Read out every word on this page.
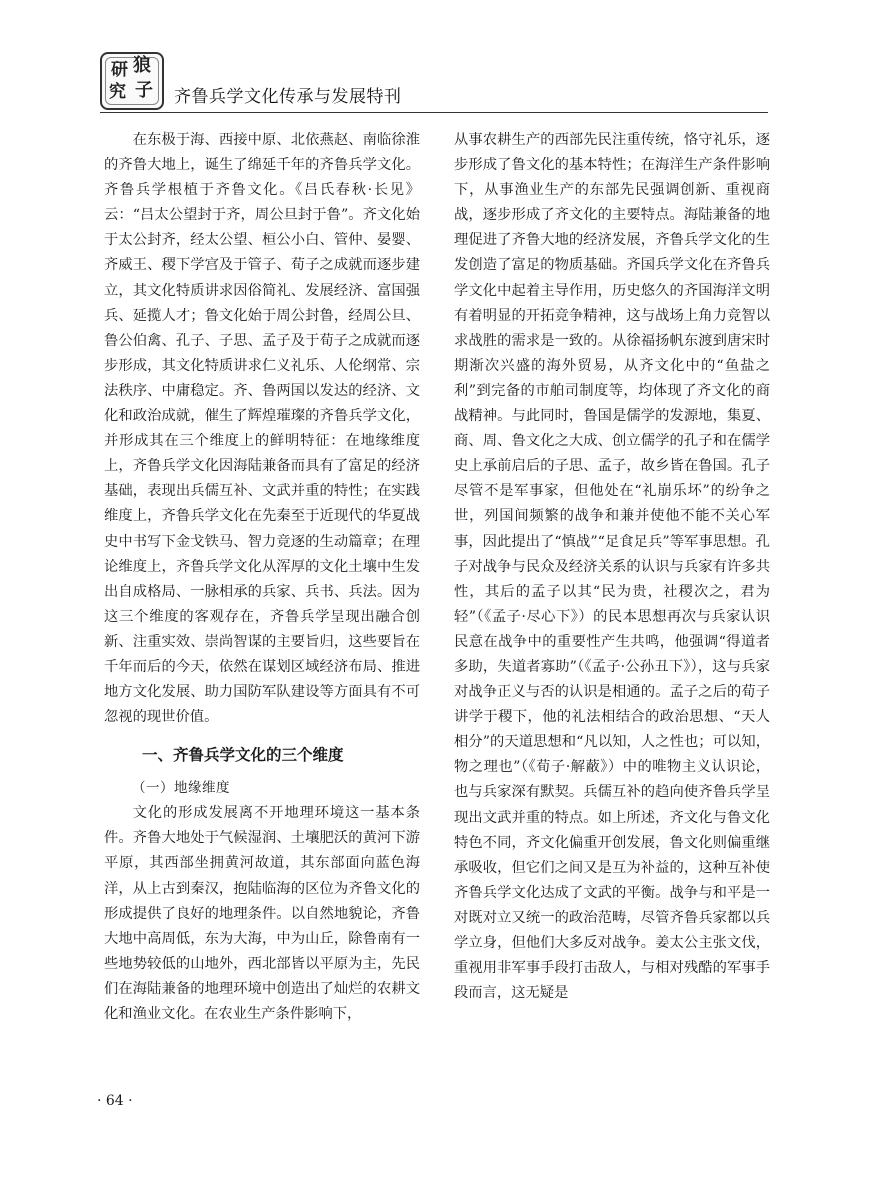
研 狼
究 子 齐鲁兵学文化传承与发展特刊

在东极于海、西接中原、北依燕赵、南临徐淮的齐鲁大地上，诞生了绵延千年的齐鲁兵学文化。齐鲁兵学根植于齐鲁文化。《吕氏春秋·长见》云：“吕太公望封于齐，周公旦封于鲁”。齐文化始于太公封齐，经太公望、桓公小白、管仲、晏婴、齐威王、稷下学宫及于管子、荀子之成就而逐步建立，其文化特质讲求因俗简礼、发展经济、富国强兵、延揽人才；鲁文化始于周公封鲁，经周公旦、鲁公伯禽、孔子、子思、孟子及于荀子之成就而逐步形成，其文化特质讲求仁义礼乐、人伦纲常、宗法秩序、中庸稳定。齐、鲁两国以发达的经济、文化和政治成就，催生了辉煌璀璨的齐鲁兵学文化，并形成其在三个维度上的鲜明特征：在地缘维度上，齐鲁兵学文化因海陆兼备而具有了富足的经济基础，表现出兵儒互补、文武并重的特性；在实践维度上，齐鲁兵学文化在先秦至于近现代的华夏战史中书写下金戈铁马、智力竞逐的生动篇章；在理论维度上，齐鲁兵学文化从浑厚的文化土壤中生发出自成格局、一脉相承的兵家、兵书、兵法。因为这三个维度的客观存在，齐鲁兵学呈现出融合创新、注重实效、崇尚智谋的主要旨归，这些要旨在千年而后的今天，依然在谋划区域经济布局、推进地方文化发展、助力国防军队建设等方面具有不可忽视的现世价值。

一、齐鲁兵学文化的三个维度
（一）地缘维度

文化的形成发展离不开地理环境这一基本条件。齐鲁大地处于气候湿润、土壤肥沃的黄河下游平原，其西部坐拥黄河故道，其东部面向蓝色海洋，从上古到秦汉，抱陆临海的区位为齐鲁文化的形成提供了良好的地理条件。以自然地貌论，齐鲁大地中高周低，东为大海，中为山丘，除鲁南有一些地势较低的山地外，西北部皆以平原为主，先民们在海陆兼备的地理环境中创造出了灿烂的农耕文化和渔业文化。在农业生产条件影响下，

从事农耕生产的西部先民注重传统，恪守礼乐，逐步形成了鲁文化的基本特性；在海洋生产条件影响下，从事渔业生产的东部先民强调创新、重视商战，逐步形成了齐文化的主要特点。海陆兼备的地理促进了齐鲁大地的经济发展，齐鲁兵学文化的生发创造了富足的物质基础。齐国兵学文化在齐鲁兵学文化中起着主导作用，历史悠久的齐国海洋文明有着明显的开拓竞争精神，这与战场上角力竞智以求战胜的需求是一致的。从徐福扬帆东渡到唐宋时期渐次兴盛的海外贸易，从齐文化中的“鱼盐之利”到完备的市舶司制度等，均体现了齐文化的商战精神。与此同时，鲁国是儒学的发源地，集夏、商、周、鲁文化之大成、创立儒学的孔子和在儒学史上承前启后的子思、孟子，故乡皆在鲁国。孔子尽管不是军事家，但他处在“礼崩乐坏”的纷争之世，列国间频繁的战争和兼并使他不能不关心军事，因此提出了“慎战”“足食足兵”等军事思想。孔子对战争与民众及经济关系的认识与兵家有许多共性，其后的孟子以其“民为贵，社稷次之，君为轻”（《孟子·尽心下》）的民本思想再次与兵家认识民意在战争中的重要性产生共鸣，他强调“得道者多助，失道者寡助”（《孟子·公孙丑下》），这与兵家对战争正义与否的认识是相通的。孟子之后的荀子讲学于稷下，他的礼法相结合的政治思想、“天人相分”的天道思想和“凡以知，人之性也；可以知，物之理也”（《荀子·解蔽》）中的唯物主义认识论，也与兵家深有默契。兵儒互补的趋向使齐鲁兵学呈现出文武并重的特点。如上所述，齐文化与鲁文化特色不同，齐文化偏重开创发展，鲁文化则偏重继承吸收，但它们之间又是互为补益的，这种互补使齐鲁兵学文化达成了文武的平衡。战争与和平是一对既对立又统一的政治范畴，尽管齐鲁兵家都以兵学立身，但他们大多反对战争。姜太公主张文伐，重视用非军事手段打击敌人，与相对残酷的军事手段而言，这无疑是

· 64 ·
